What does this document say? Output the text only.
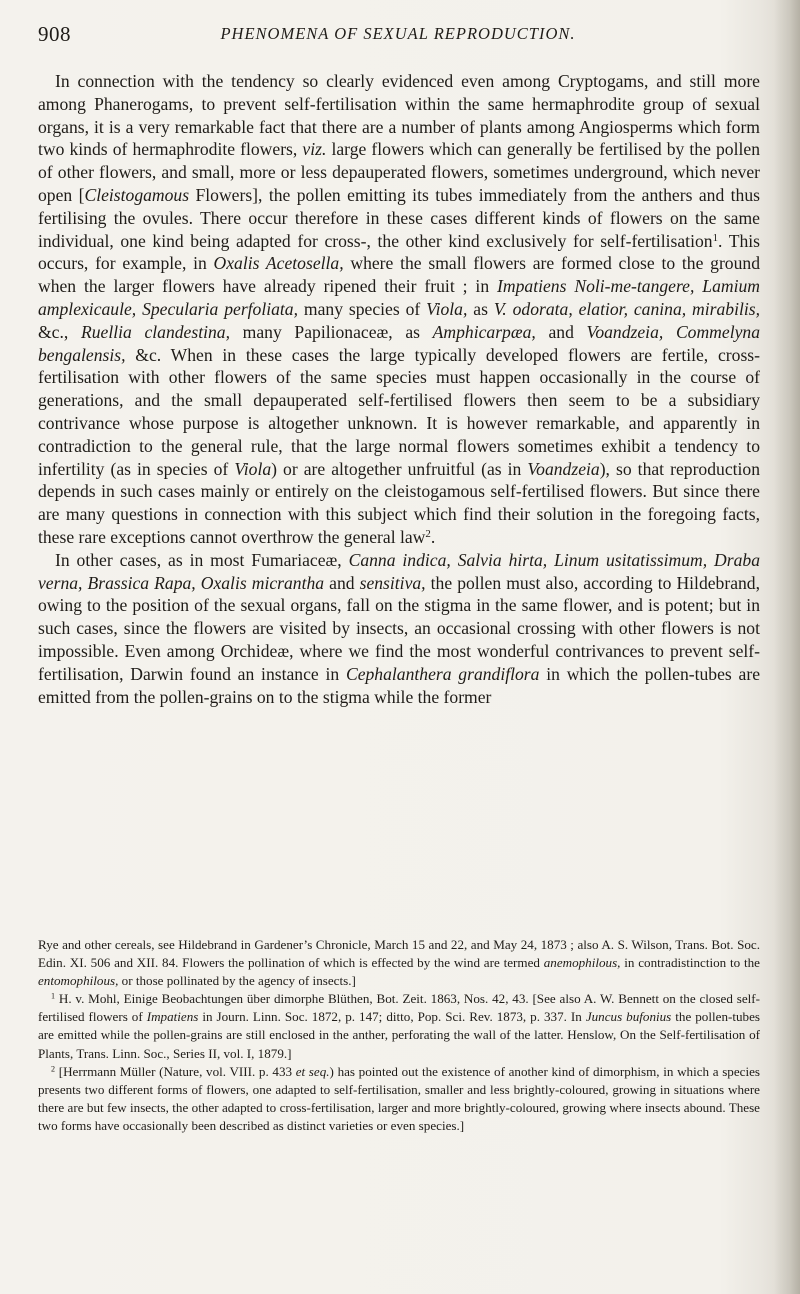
908	PHENOMENA OF SEXUAL REPRODUCTION.

In connection with the tendency so clearly evidenced even among Cryptogams, and still more among Phanerogams, to prevent self-fertilisation within the same hermaphrodite group of sexual organs, it is a very remarkable fact that there are a number of plants among Angiosperms which form two kinds of hermaphrodite flowers, viz. large flowers which can generally be fertilised by the pollen of other flowers, and small, more or less depauperated flowers, sometimes underground, which never open [Cleistogamous Flowers], the pollen emitting its tubes immediately from the anthers and thus fertilising the ovules. There occur therefore in these cases different kinds of flowers on the same individual, one kind being adapted for cross-, the other kind exclusively for self-fertilisation$^1$. This occurs, for example, in Oxalis Acetosella, where the small flowers are formed close to the ground when the larger flowers have already ripened their fruit ; in Impatiens Noli-me-tangere, Lamium amplexicaule, Specularia perfoliata, many species of Viola, as V. odorata, elatior, canina, mirabilis, &c., Ruellia clandestina, many Papilionaceæ, as Amphicarpæa, and Voandzeia, Commelyna bengalensis, &c. When in these cases the large typically developed flowers are fertile, cross-fertilisation with other flowers of the same species must happen occasionally in the course of generations, and the small depauperated self-fertilised flowers then seem to be a subsidiary contrivance whose purpose is altogether unknown. It is however remarkable, and apparently in contradiction to the general rule, that the large normal flowers sometimes exhibit a tendency to infertility (as in species of Viola) or are altogether unfruitful (as in Voandzeia), so that reproduction depends in such cases mainly or entirely on the cleistogamous self-fertilised flowers. But since there are many questions in connection with this subject which find their solution in the foregoing facts, these rare exceptions cannot overthrow the general law$^2$.

In other cases, as in most Fumariaceæ, Canna indica, Salvia hirta, Linum usitatissimum, Draba verna, Brassica Rapa, Oxalis micrantha and sensitiva, the pollen must also, according to Hildebrand, owing to the position of the sexual organs, fall on the stigma in the same flower, and is potent; but in such cases, since the flowers are visited by insects, an occasional crossing with other flowers is not impossible. Even among Orchideæ, where we find the most wonderful contrivances to prevent self-fertilisation, Darwin found an instance in Cephalanthera grandiflora in which the pollen-tubes are emitted from the pollen-grains on to the stigma while the former

Rye and other cereals, see Hildebrand in Gardener’s Chronicle, March 15 and 22, and May 24, 1873 ; also A. S. Wilson, Trans. Bot. Soc. Edin. XI. 506 and XII. 84. Flowers the pollination of which is effected by the wind are termed anemophilous, in contradistinction to the entomophilous, or those pollinated by the agency of insects.]

$^1$ H. v. Mohl, Einige Beobachtungen über dimorphe Blüthen, Bot. Zeit. 1863, Nos. 42, 43. [See also A. W. Bennett on the closed self-fertilised flowers of Impatiens in Journ. Linn. Soc. 1872, p. 147; ditto, Pop. Sci. Rev. 1873, p. 337. In Juncus bufonius the pollen-tubes are emitted while the pollen-grains are still enclosed in the anther, perforating the wall of the latter. Henslow, On the Self-fertilisation of Plants, Trans. Linn. Soc., Series II, vol. I, 1879.]

$^2$ [Herrmann Müller (Nature, vol. VIII. p. 433 et seq.) has pointed out the existence of another kind of dimorphism, in which a species presents two different forms of flowers, one adapted to self-fertilisation, smaller and less brightly-coloured, growing in situations where there are but few insects, the other adapted to cross-fertilisation, larger and more brightly-coloured, growing where insects abound. These two forms have occasionally been described as distinct varieties or even species.]
